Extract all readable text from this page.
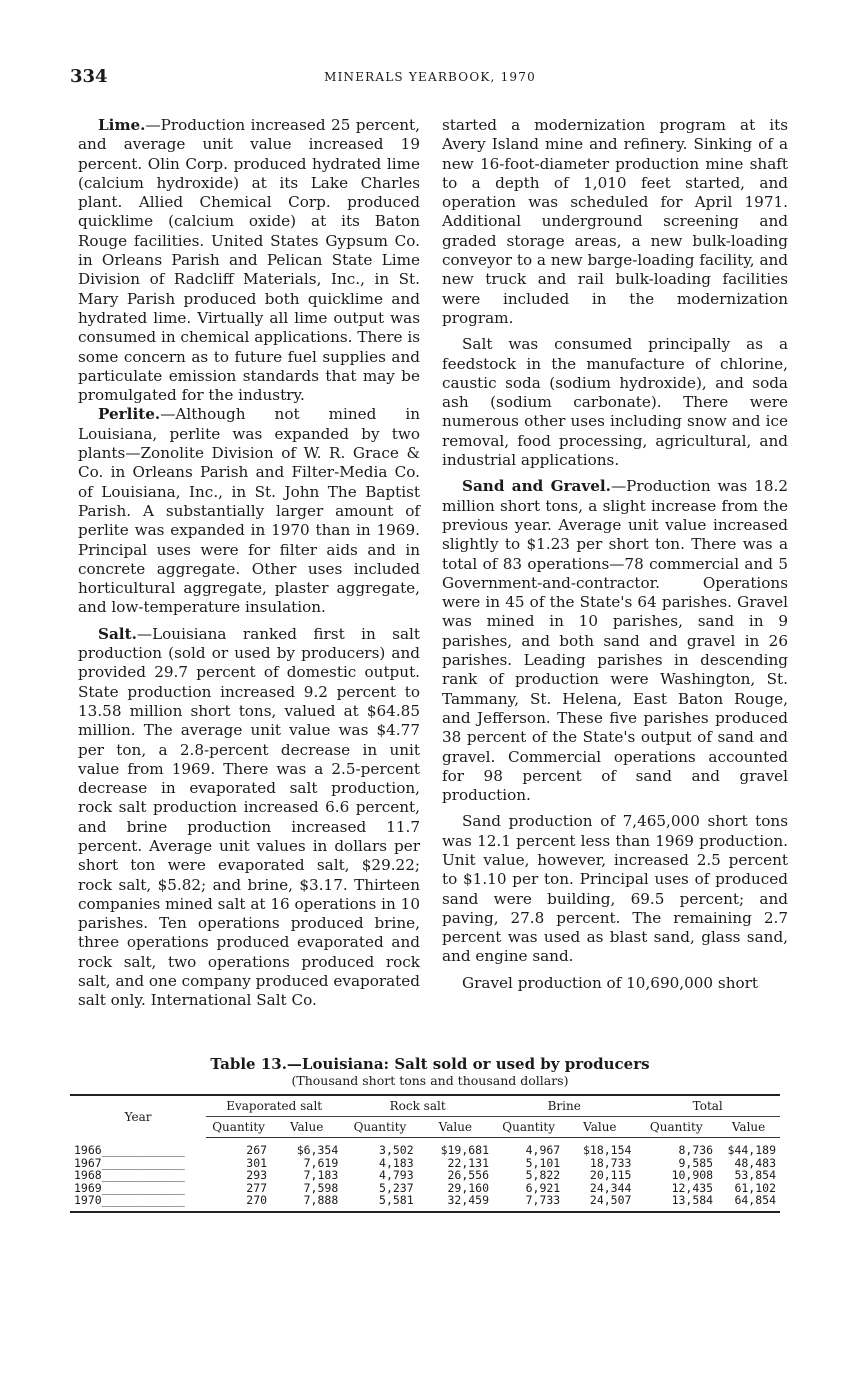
334	MINERALS YEARBOOK, 1970

Lime.—Production increased 25 percent, and average unit value increased 19 percent. Olin Corp. produced hydrated lime (calcium hydroxide) at its Lake Charles plant. Allied Chemical Corp. produced quicklime (calcium oxide) at its Baton Rouge facilities. United States Gypsum Co. in Orleans Parish and Pelican State Lime Division of Radcliff Materials, Inc., in St. Mary Parish produced both quicklime and hydrated lime. Virtually all lime output was consumed in chemical applications. There is some concern as to future fuel supplies and particulate emission standards that may be promulgated for the industry.

Perlite.—Although not mined in Louisiana, perlite was expanded by two plants—Zonolite Division of W. R. Grace & Co. in Orleans Parish and Filter-Media Co. of Louisiana, Inc., in St. John The Baptist Parish. A substantially larger amount of perlite was expanded in 1970 than in 1969. Principal uses were for filter aids and in concrete aggregate. Other uses included horticultural aggregate, plaster aggregate, and low-temperature insulation.

Salt.—Louisiana ranked first in salt production (sold or used by producers) and provided 29.7 percent of domestic output. State production increased 9.2 percent to 13.58 million short tons, valued at $64.85 million. The average unit value was $4.77 per ton, a 2.8-percent decrease in unit value from 1969. There was a 2.5-percent decrease in evaporated salt production, rock salt production increased 6.6 percent, and brine production increased 11.7 percent. Average unit values in dollars per short ton were evaporated salt, $29.22; rock salt, $5.82; and brine, $3.17. Thirteen companies mined salt at 16 operations in 10 parishes. Ten operations produced brine, three operations produced evaporated and rock salt, two operations produced rock salt, and one company produced evaporated salt only. International Salt Co.

started a modernization program at its Avery Island mine and refinery. Sinking of a new 16-foot-diameter production mine shaft to a depth of 1,010 feet started, and operation was scheduled for April 1971. Additional underground screening and graded storage areas, a new bulk-loading conveyor to a new barge-loading facility, and new truck and rail bulk-loading facilities were included in the modernization program.

Salt was consumed principally as a feedstock in the manufacture of chlorine, caustic soda (sodium hydroxide), and soda ash (sodium carbonate). There were numerous other uses including snow and ice removal, food processing, agricultural, and industrial applications.

Sand and Gravel.—Production was 18.2 million short tons, a slight increase from the previous year. Average unit value increased slightly to $1.23 per short ton. There was a total of 83 operations—78 commercial and 5 Government-and-contractor. Operations were in 45 of the State's 64 parishes. Gravel was mined in 10 parishes, sand in 9 parishes, and both sand and gravel in 26 parishes. Leading parishes in descending rank of production were Washington, St. Tammany, St. Helena, East Baton Rouge, and Jefferson. These five parishes produced 38 percent of the State's output of sand and gravel. Commercial operations accounted for 98 percent of sand and gravel production.

Sand production of 7,465,000 short tons was 12.1 percent less than 1969 production. Unit value, however, increased 2.5 percent to $1.10 per ton. Principal uses of produced sand were building, 69.5 percent; and paving, 27.8 percent. The remaining 2.7 percent was used as blast sand, glass sand, and engine sand.

Gravel production of 10,690,000 short

Table 13.—Louisiana: Salt sold or used by producers
(Thousand short tons and thousand dollars)
Year	Evaporated salt		Rock salt		Brine		Total	
	Quantity	Value	Quantity	Value	Quantity	Value	Quantity	Value
1966____________	267	$6,354	3,502	$19,681	4,967	$18,154	8,736	$44,189
1967____________	301	7,619	4,183	22,131	5,101	18,733	9,585	48,483
1968____________	293	7,183	4,793	26,556	5,822	20,115	10,908	53,854
1969____________	277	7,598	5,237	29,160	6,921	24,344	12,435	61,102
1970____________	270	7,888	5,581	32,459	7,733	24,507	13,584	64,854
